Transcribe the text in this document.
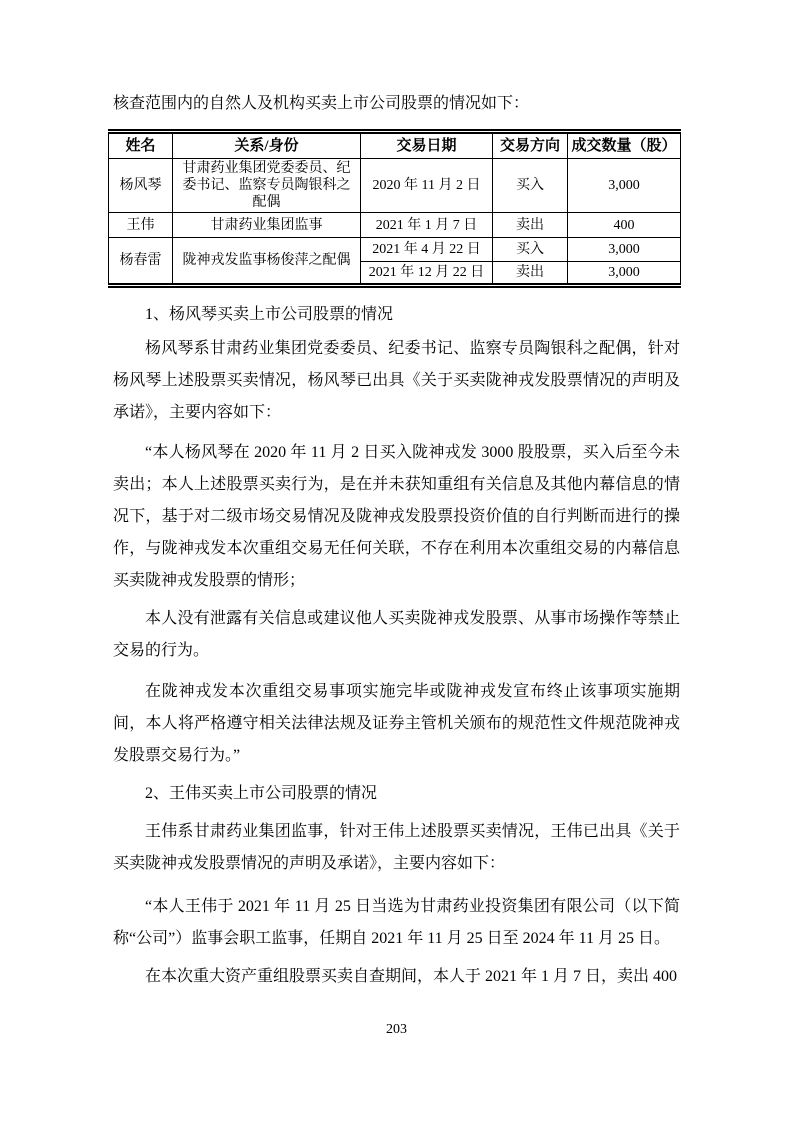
核查范围内的自然人及机构买卖上市公司股票的情况如下：

姓名	关系/身份	交易日期	交易方向	成交数量（股）
杨风琴	甘肃药业集团党委委员、纪委书记、监察专员陶银科之配偶	2020 年 11 月 2 日	买入	3,000
王伟	甘肃药业集团监事	2021 年 1 月 7 日	卖出	400
杨春雷	陇神戎发监事杨俊萍之配偶	2021 年 4 月 22 日	买入	3,000
		2021 年 12 月 22 日	卖出	3,000

1、杨风琴买卖上市公司股票的情况

杨风琴系甘肃药业集团党委委员、纪委书记、监察专员陶银科之配偶，针对杨风琴上述股票买卖情况，杨风琴已出具《关于买卖陇神戎发股票情况的声明及承诺》，主要内容如下：

“本人杨风琴在 2020 年 11 月 2 日买入陇神戎发 3000 股股票，买入后至今未卖出；本人上述股票买卖行为，是在并未获知重组有关信息及其他内幕信息的情况下，基于对二级市场交易情况及陇神戎发股票投资价值的自行判断而进行的操作，与陇神戎发本次重组交易无任何关联，不存在利用本次重组交易的内幕信息买卖陇神戎发股票的情形；

本人没有泄露有关信息或建议他人买卖陇神戎发股票、从事市场操作等禁止交易的行为。

在陇神戎发本次重组交易事项实施完毕或陇神戎发宣布终止该事项实施期间，本人将严格遵守相关法律法规及证券主管机关颁布的规范性文件规范陇神戎发股票交易行为。”

2、王伟买卖上市公司股票的情况

王伟系甘肃药业集团监事，针对王伟上述股票买卖情况，王伟已出具《关于买卖陇神戎发股票情况的声明及承诺》，主要内容如下：

“本人王伟于 2021 年 11 月 25 日当选为甘肃药业投资集团有限公司（以下简称“公司”）监事会职工监事，任期自 2021 年 11 月 25 日至 2024 年 11 月 25 日。

在本次重大资产重组股票买卖自查期间，本人于 2021 年 1 月 7 日，卖出 400

203
